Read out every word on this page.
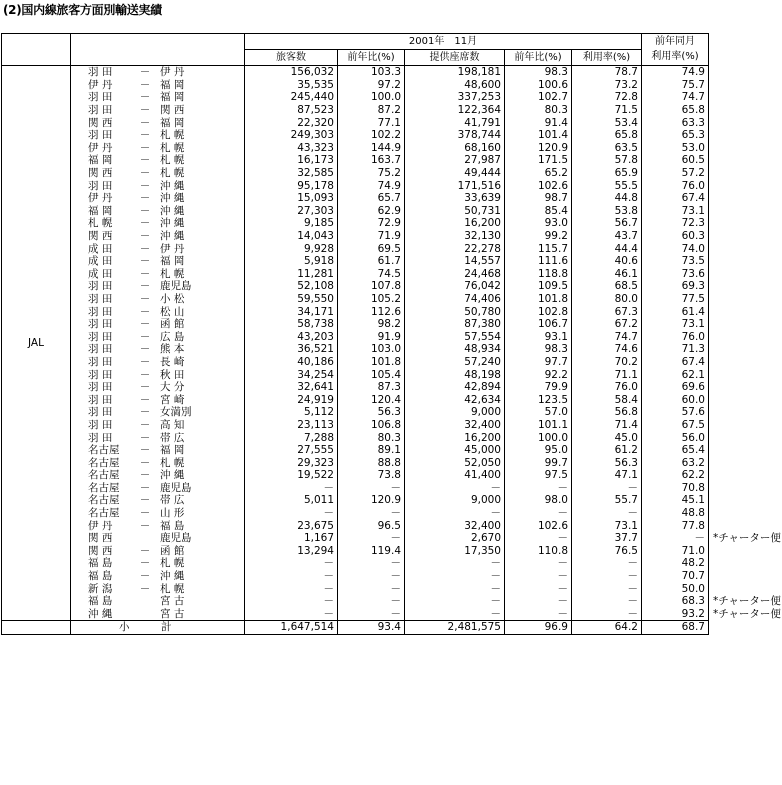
(2)国内線旅客方面別輸送実績
		2001年　11月					前年同月	
		旅客数	前年比(%)	提供座席数	前年比(%)	利用率(%)	利用率(%)	
JAL	羽 田 － 伊 丹	156,032	103.3	198,181	98.3	78.7	74.9	

伊 丹 － 福 岡	35,535	97.2	48,600	100.6	73.2	75.7	

羽 田 － 福 岡	245,440	100.0	337,253	102.7	72.8	74.7	

羽 田 － 関 西	87,523	87.2	122,364	80.3	71.5	65.8	

関 西 － 福 岡	22,320	77.1	41,791	91.4	53.4	63.3	

羽 田 － 札 幌	249,303	102.2	378,744	101.4	65.8	65.3	

伊 丹 － 札 幌	43,323	144.9	68,160	120.9	63.5	53.0	

福 岡 － 札 幌	16,173	163.7	27,987	171.5	57.8	60.5	

関 西 － 札 幌	32,585	75.2	49,444	65.2	65.9	57.2	

羽 田 － 沖 縄	95,178	74.9	171,516	102.6	55.5	76.0	

伊 丹 － 沖 縄	15,093	65.7	33,639	98.7	44.8	67.4	

福 岡 － 沖 縄	27,303	62.9	50,731	85.4	53.8	73.1	

札 幌 － 沖 縄	9,185	72.9	16,200	93.0	56.7	72.3	

関 西 － 沖 縄	14,043	71.9	32,130	99.2	43.7	60.3	

成 田 － 伊 丹	9,928	69.5	22,278	115.7	44.4	74.0	

成 田 － 福 岡	5,918	61.7	14,557	111.6	40.6	73.5	

成 田 － 札 幌	11,281	74.5	24,468	118.8	46.1	73.6	

羽 田 － 鹿児島	52,108	107.8	76,042	109.5	68.5	69.3	

羽 田 － 小 松	59,550	105.2	74,406	101.8	80.0	77.5	

羽 田 － 松 山	34,171	112.6	50,780	102.8	67.3	61.4	

羽 田 － 函 館	58,738	98.2	87,380	106.7	67.2	73.1	

羽 田 － 広 島	43,203	91.9	57,554	93.1	74.7	76.0	

羽 田 － 熊 本	36,521	103.0	48,934	98.3	74.6	71.3	

羽 田 － 長 崎	40,186	101.8	57,240	97.7	70.2	67.4	

羽 田 － 秋 田	34,254	105.4	48,198	92.2	71.1	62.1	

羽 田 － 大 分	32,641	87.3	42,894	79.9	76.0	69.6	

羽 田 － 宮 崎	24,919	120.4	42,634	123.5	58.4	60.0	

羽 田 － 女満別	5,112	56.3	9,000	57.0	56.8	57.6	

羽 田 － 高 知	23,113	106.8	32,400	101.1	71.4	67.5	

羽 田 － 帯 広	7,288	80.3	16,200	100.0	45.0	56.0	

名古屋 － 福 岡	27,555	89.1	45,000	95.0	61.2	65.4	

名古屋 － 札 幌	29,323	88.8	52,050	99.7	56.3	63.2	

名古屋 － 沖 縄	19,522	73.8	41,400	97.5	47.1	62.2	

名古屋 － 鹿児島	－	－	－	－	－	70.8	

名古屋 － 帯 広	5,011	120.9	9,000	98.0	55.7	45.1	

名古屋 － 山 形	－	－	－	－	－	48.8	

伊 丹 － 福 島	23,675	96.5	32,400	102.6	73.1	77.8	

関 西 鹿児島	1,167	－	2,670	－	37.7	－	*チャーター便

関 西 － 函 館	13,294	119.4	17,350	110.8	76.5	71.0	

福 島 － 札 幌	－	－	－	－	－	48.2	

福 島 － 沖 縄	－	－	－	－	－	70.7	

新 潟 － 札 幌	－	－	－	－	－	50.0	

福 島 宮 古	－	－	－	－	－	68.3	*チャーター便

沖 縄 宮 古	－	－	－	－	－	93.2	*チャーター便
	小　　　計	1,647,514	93.4	2,481,575	96.9	64.2	68.7	
